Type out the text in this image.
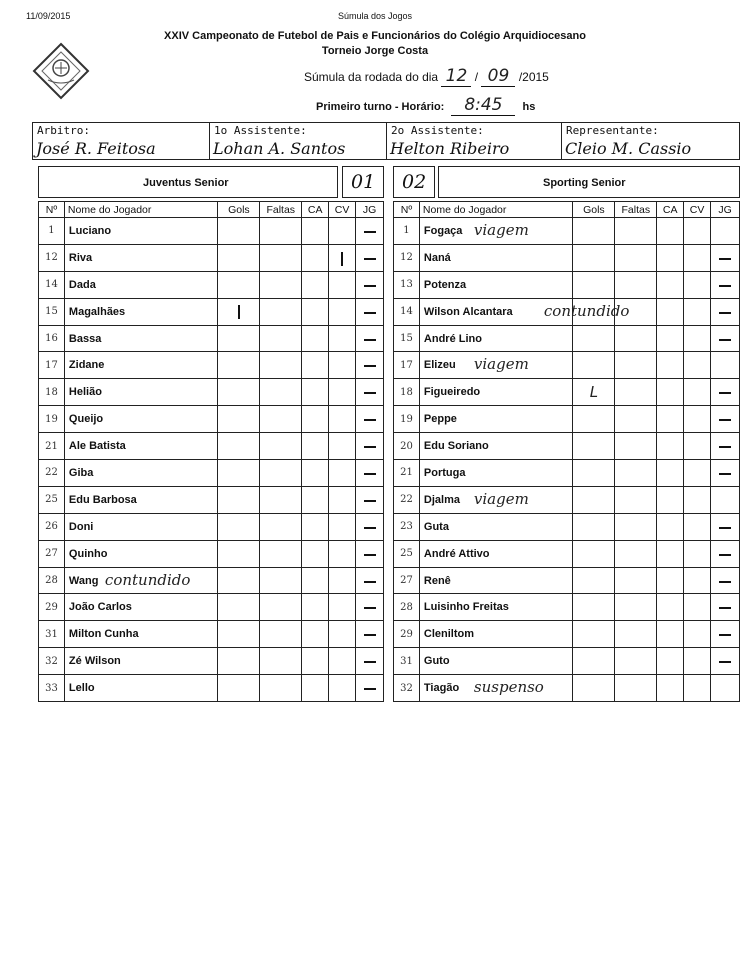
11/09/2015	Súmula dos Jogos
XXIV Campeonato de Futebol de Pais e Funcionários do Colégio Arquidiocesano
Torneio Jorge Costa
Súmula da rodada do dia 12 / 09 /2015
Primeiro turno - Horário: 8:45 hs
Arbitro:
José R. Feitosa
1o Assistente:
Lohan A. Santos
2o Assistente:
Helton Ribeiro
Representante:
Cleio M. Cassio
Juventus Senior	01	02	Sporting Senior
Nº	Nome do Jogador	Gols	Faltas	CA	CV	JG
1	Luciano					
12	Riva					
14	Dada					
15	Magalhães					
16	Bassa					
17	Zidane					
18	Helião					
19	Queijo					
21	Ale Batista					
22	Giba					
25	Edu Barbosa					
26	Doni					
27	Quinho					
28	Wang contundido					

29	João Carlos					
31	Milton Cunha					
32	Zé Wilson					
33	Lello					
Nº	Nome do Jogador	Gols	Faltas	CA	CV	JG
1	Fogaça viagem					

12	Naná					
13	Potenza					
14	Wilson Alcantara contundido					

15	André Lino					
17	Elizeu viagem					

18	Figueiredo	L				
19	Peppe					
20	Edu Soriano					
21	Portuga					
22	Djalma viagem					

23	Guta					
25	André Attivo					
27	Renê					
28	Luisinho Freitas					
29	Cleniltom					
31	Guto					
32	Tiagão suspenso					
